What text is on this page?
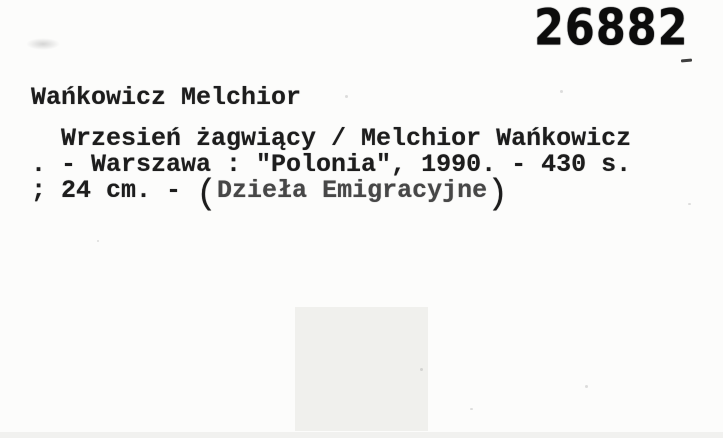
26882
Wańkowicz Melchior
Wrzesień żagwiący / Melchior Wańkowicz
. - Warszawa : "Polonia", 1990. - 430 s.
; 24 cm. - (Dzieła Emigracyjne)
